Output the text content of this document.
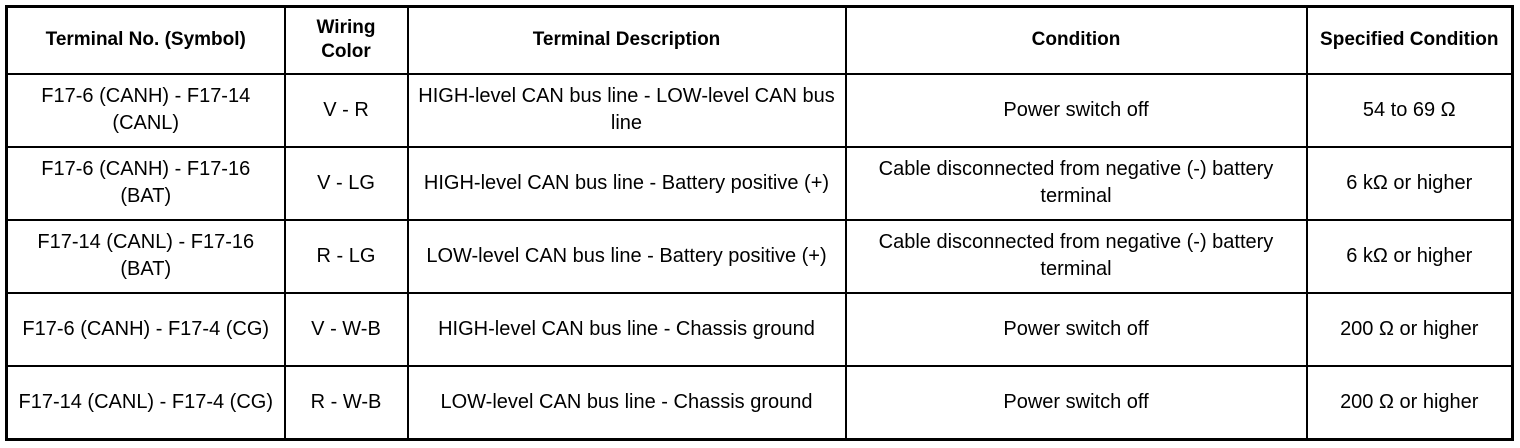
Terminal No. (Symbol)	Wiring Color	Terminal Description	Condition	Specified Condition
F17-6 (CANH) - F17-14 (CANL)	V - R	HIGH-level CAN bus line - LOW-level CAN bus line	Power switch off	54 to 69 Ω
F17-6 (CANH) - F17-16 (BAT)	V - LG	HIGH-level CAN bus line - Battery positive (+)	Cable disconnected from negative (-) battery terminal	6 kΩ or higher
F17-14 (CANL) - F17-16 (BAT)	R - LG	LOW-level CAN bus line - Battery positive (+)	Cable disconnected from negative (-) battery terminal	6 kΩ or higher
F17-6 (CANH) - F17-4 (CG)	V - W-B	HIGH-level CAN bus line - Chassis ground	Power switch off	200 Ω or higher
F17-14 (CANL) - F17-4 (CG)	R - W-B	LOW-level CAN bus line - Chassis ground	Power switch off	200 Ω or higher
